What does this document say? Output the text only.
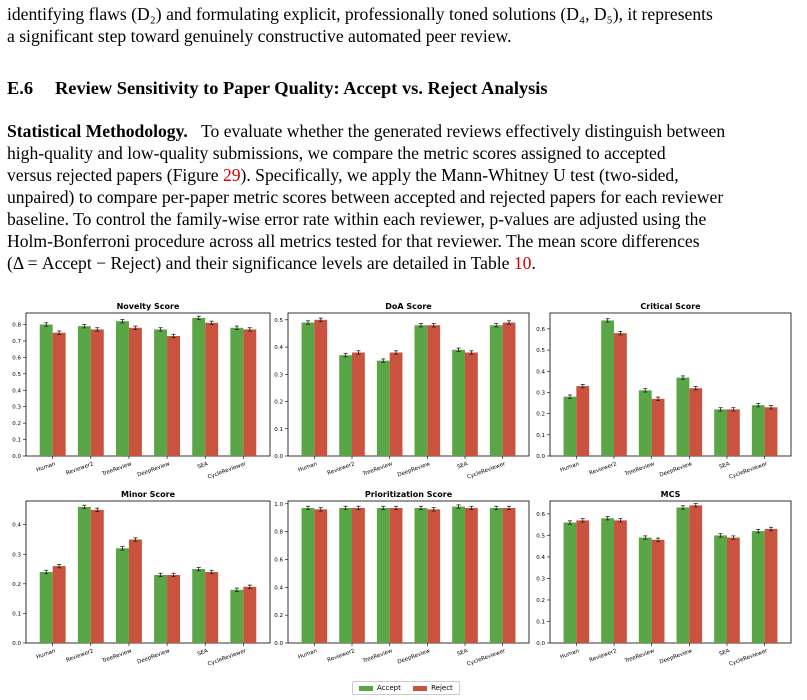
identifying flaws (D₂) and formulating explicit, professionally toned solutions (D₄, D₅), it represents
a significant step toward genuinely constructive automated peer review.
E.6 Review Sensitivity to Paper Quality: Accept vs. Reject Analysis
Statistical Methodology. To evaluate whether the generated reviews effectively distinguish between
high-quality and low-quality submissions, we compare the metric scores assigned to accepted
versus rejected papers (Figure 29). Specifically, we apply the Mann-Whitney U test (two-sided,
unpaired) to compare per-paper metric scores between accepted and rejected papers for each reviewer
baseline. To control the family-wise error rate within each reviewer, p-values are adjusted using the
Holm-Bonferroni procedure across all metrics tested for that reviewer. The mean score differences
(Δ = Accept − Reject) and their significance levels are detailed in Table 10.
Novelty Score
0.0
0.1
0.2
0.3
0.4
0.5
0.6
0.7
0.8
Human Reviewer2 TreeReview DeepReview	SEA
CycleReviewer
DoA Score
0.0
0.1
0.2
0.3
0.4
0.5
Human Reviewer2 TreeReview DeepReview	SEA
CycleReviewer
Critical Score
0.0
0.1
0.2
0.3
0.4
0.5
0.6
Human Reviewer2 TreeReview DeepReview	SEA
CycleReviewer
Minor Score
0.0
0.1
0.2
0.3
0.4
Human Reviewer2 TreeReview DeepReview	SEA
CycleReviewer
Prioritization Score
0.0
0.2
0.4
0.6
0.8
1.0
Human Reviewer2 TreeReview DeepReview	SEA
CycleReviewer
MCS
0.0
0.1
0.2
0.3
0.4
0.5
0.6
Human Reviewer2 TreeReview DeepReview	SEA
CycleReviewer
Accept	Reject
